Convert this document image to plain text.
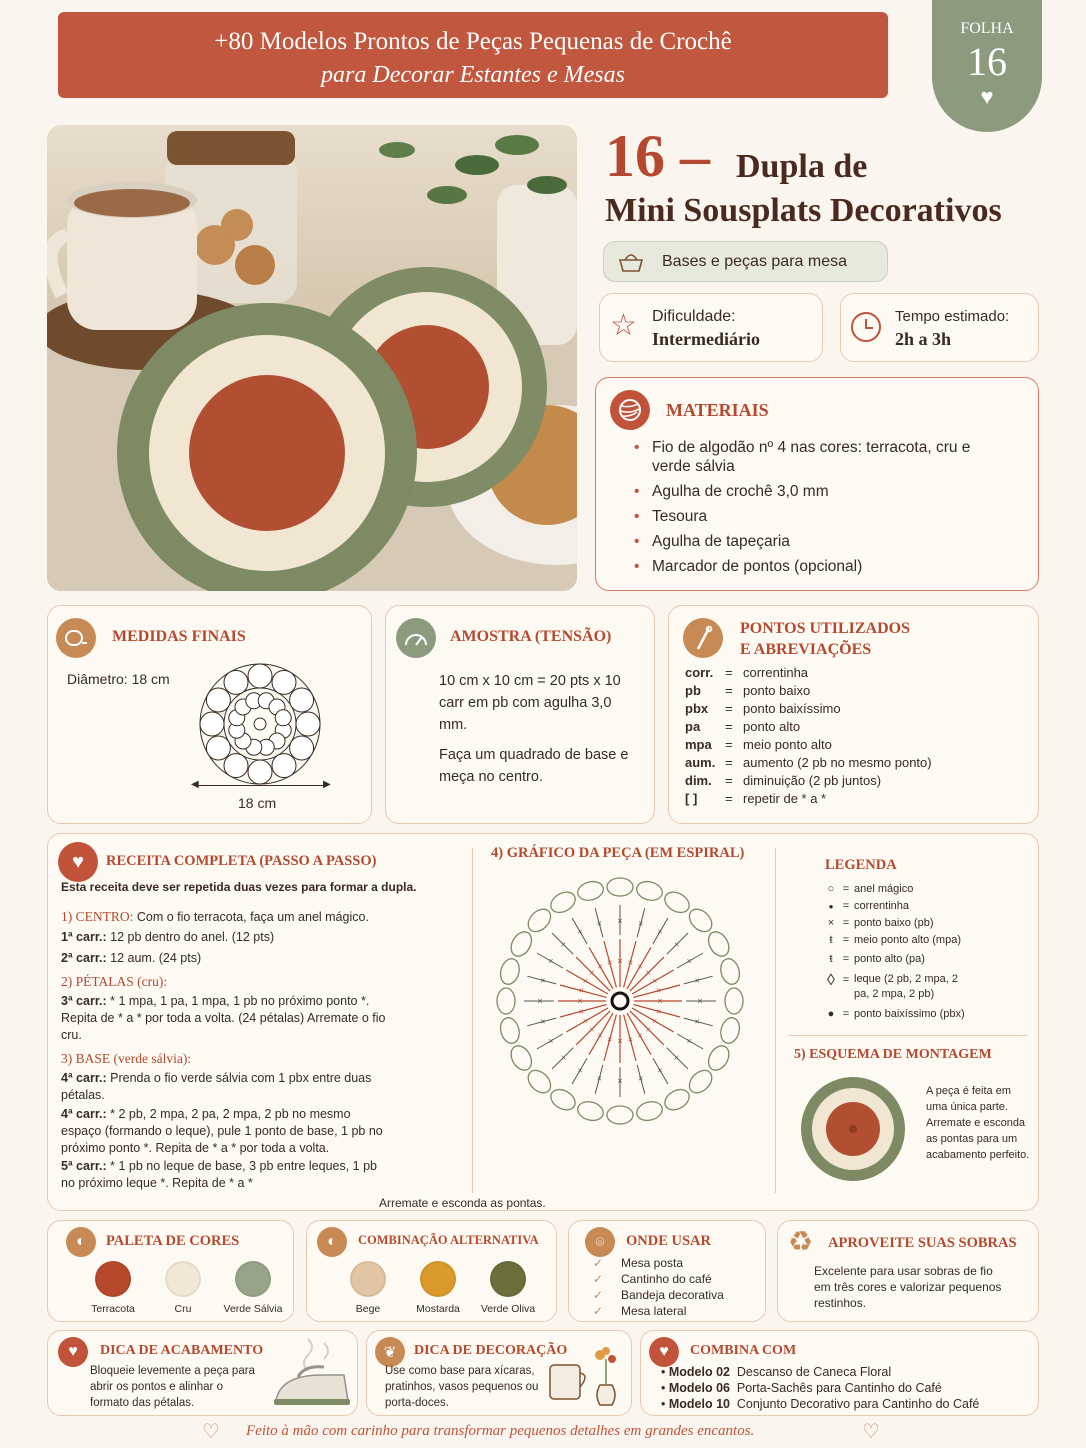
+80 Modelos Prontos de Peças Pequenas de Crochê
para Decorar Estantes e Mesas
FOLHA
16
♥
16 – Dupla de
Mini Sousplats Decorativos
Bases e peças para mesa
☆ Dificuldade:
Intermediário
Tempo estimado:
2h a 3h
MATERIAIS
• Fio de algodão nº 4 nas cores: terracota, cru e verde sálvia
• Agulha de crochê 3,0 mm
• Tesoura
• Agulha de tapeçaria
• Marcador de pontos (opcional)
MEDIDAS FINAIS
Diâmetro: 18 cm
◀	▶
18 cm
AMOSTRA (TENSÃO)
10 cm x 10 cm = 20 pts x 10 carr em pb com agulha 3,0 mm.
Faça um quadrado de base e meça no centro.
PONTOS UTILIZADOS
E ABREVIAÇÕES
corr. = correntinha
pb	= ponto baixo
pbx	= ponto baixíssimo
pa	= ponto alto
mpa	= meio ponto alto
aum. = aumento (2 pb no mesmo ponto)
dim.	= diminuição (2 pb juntos)
[ ]	= repetir de * a *
♥	RECEITA COMPLETA (PASSO A PASSO)
Esta receita deve ser repetida duas vezes para formar a dupla.
1) CENTRO: Com o fio terracota, faça um anel mágico.
1ª carr.: 12 pb dentro do anel. (12 pts)
2ª carr.: 12 aum. (24 pts)
2) PÉTALAS (cru):
3ª carr.: * 1 mpa, 1 pa, 1 mpa, 1 pb no próximo ponto *. Repita de * a * por toda a volta. (24 pétalas) Arremate o fio cru.
3) BASE (verde sálvia):
4ª carr.: Prenda o fio verde sálvia com 1 pbx entre duas pétalas.
4ª carr.: * 2 pb, 2 mpa, 2 pa, 2 mpa, 2 pb no mesmo espaço (formando o leque), pule 1 ponto de base, 1 pb no próximo ponto *. Repita de * a * por toda a volta.
5ª carr.: * 1 pb no leque de base, 3 pb entre leques, 1 pb no próximo leque *. Repita de * a *
Arremate e esconda as pontas.
4) GRÁFICO DA PEÇA (EM ESPIRAL)
×	×
×
×
×
×
×
×
×
×
×
×
×
×
×
×
×
×
×
×
×
×
×
×
×
×
×
×	×
×
×
×
×
×
×
×
×
×
×
×
×
×
×
×
×
×
×
×
LEGENDA
○ = anel mágico
● = correntinha
× = ponto baixo (pb)
ŧ = meio ponto alto (mpa)
ŧ = ponto alto (pa)
◊ = leque (2 pb, 2 mpa, 2 pa, 2 mpa, 2 pb)
● = ponto baixíssimo (pbx)
5) ESQUEMA DE MONTAGEM
A peça é feita em uma única parte. Arremate e esconda as pontas para um acabamento perfeito.
◐	PALETA DE CORES
Terracota	Cru	Verde Sálvia
◐	COMBINAÇÃO ALTERNATIVA
Bege	Mostarda	Verde Oliva
⌾	ONDE USAR
✓ Mesa posta
✓ Cantinho do café
✓ Bandeja decorativa
✓ Mesa lateral
♻ APROVEITE SUAS SOBRAS
Excelente para usar sobras de fio em três cores e valorizar pequenos restinhos.
♥	DICA DE ACABAMENTO
Bloqueie levemente a peça para abrir os pontos e alinhar o formato das pétalas.
❦	DICA DE DECORAÇÃO
Use como base para xícaras, pratinhos, vasos pequenos ou porta-doces.
♥	COMBINA COM
• Modelo 02 Descanso de Caneca Floral
• Modelo 06 Porta-Sachês para Cantinho do Café
• Modelo 10 Conjunto Decorativo para Cantinho do Café
♡ Feito à mão com carinho para transformar pequenos detalhes em grandes encantos.	♡
